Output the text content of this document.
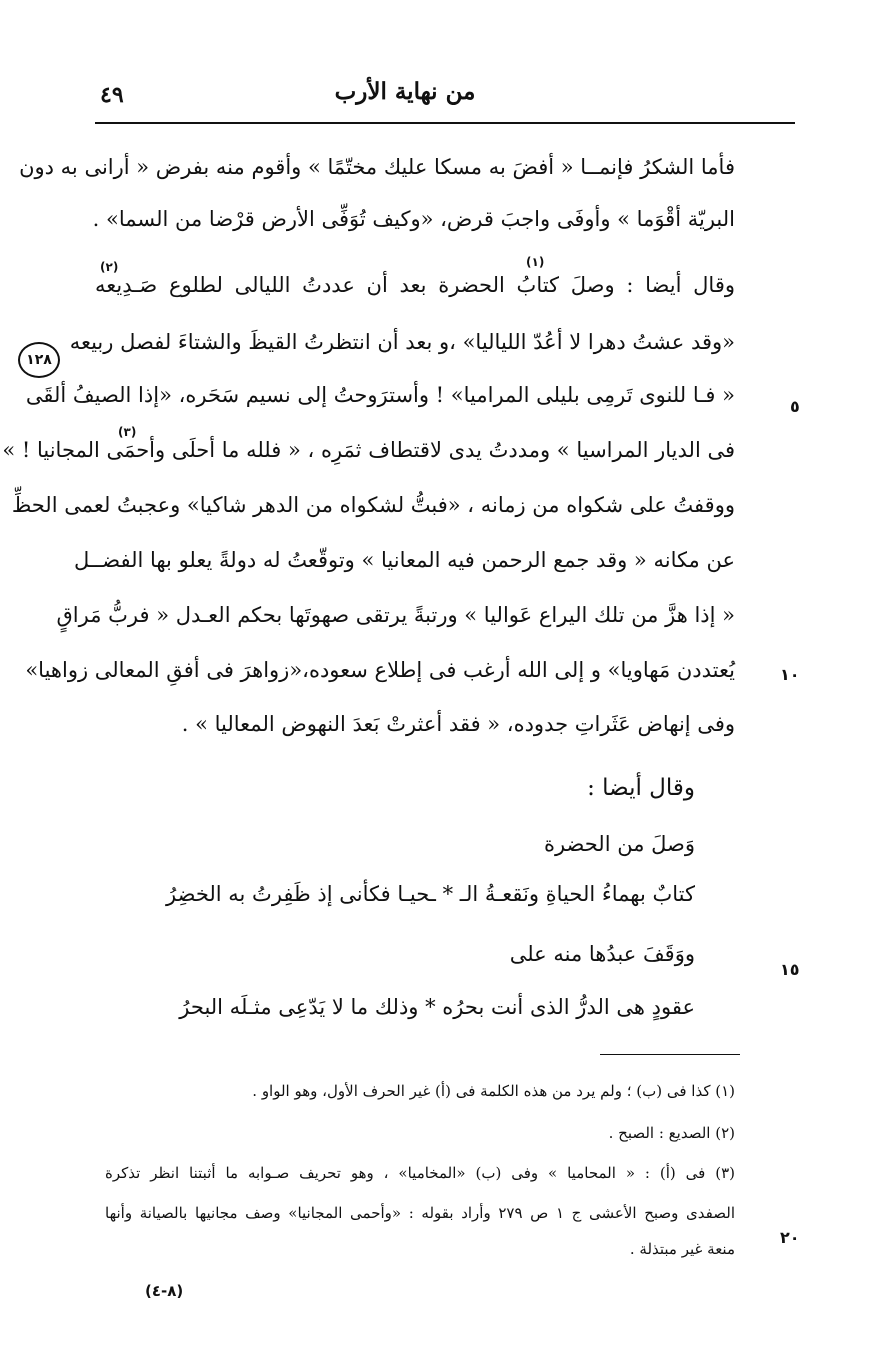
من نهاية الأرب
٤٩
١٢٨
فأما الشكرُ فإنمــا « أفضَ به مسكا عليك مختّمًا » وأقوم منه بفرض « أرانى به دون
البريّة أقْوَما » وأوفَى واجبَ قرض، «وكيف تُوَفِّى الأرض قرْضا من السما» .
(١)
(٢)
وقال أيضا : وصلَ كتابُ الحضرة بعد أن عددتُ الليالى لطلوع صَـدِيعه
«وقد عشتُ دهرا لا أعُدّ اللياليا» ،و بعد أن انتظرتُ القيظَ والشتاءَ لفصل ربيعه
« فـا للنوى تَرمِى بليلى المراميا» ! وأسترَوحتُ إلى نسيم سَحَره، «إذا الصيفُ ألقَى
(٣)
فى الديار المراسيا » ومددتُ يدى لاقتطاف ثمَرِه ، « فلله ما أحلَى وأحمَى المجانيا ! »
ووقفتُ على شكواه من زمانه ، «فبتُّ لشكواه من الدهر شاكيا» وعجبتُ لعمى الحظِّ
عن مكانه « وقد جمع الرحمن فيه المعانيا » وتوقّعتُ له دولةً يعلو بها الفضــل
« إذا هزَّ من تلك اليراع عَواليا » ورتبةً يرتقى صهوتَها بحكم العـدل « فربُّ مَراقٍ
يُعتددن مَهاويا» و إلى الله أرغب فى إطلاع سعوده،«زواهرَ فى أفقِ المعالى زواهيا»
وفى إنهاض عَثَراتِ جدوده، « فقد أعثرتْ بَعدَ النهوض المعاليا » .
٥
١٠
١٥
٢٠
وقال أيضا :
وَصلَ من الحضرة
كتابٌ بهماءُ الحياةِ ونَقعـةُ الـ * ـحيـا فكأنى إذ ظَفِرتُ به الخضِرُ
ووَقَفَ عبدُها منه على
عقودٍ هى الدرُّ الذى أنت بحرُه * وذلك ما لا يَدّعِى مثـلَه البحرُ
(١) كذا فى (ب) ؛ ولم يرد من هذه الكلمة فى (أ) غير الحرف الأول، وهو الواو .
(٢) الصديع : الصبح .
(٣) فى (أ) : « المحاميا » وفى (ب) «المخاميا» ، وهو تحريف صـوابه ما أثبتنا انظر تذكرة
الصفدى وصبح الأعشى ج ١ ص ٢٧٩ وأراد بقوله : «وأحمى المجانيا» وصف مجانيها بالصيانة وأنها
منعة غير مبتذلة .
(٨-٤)
